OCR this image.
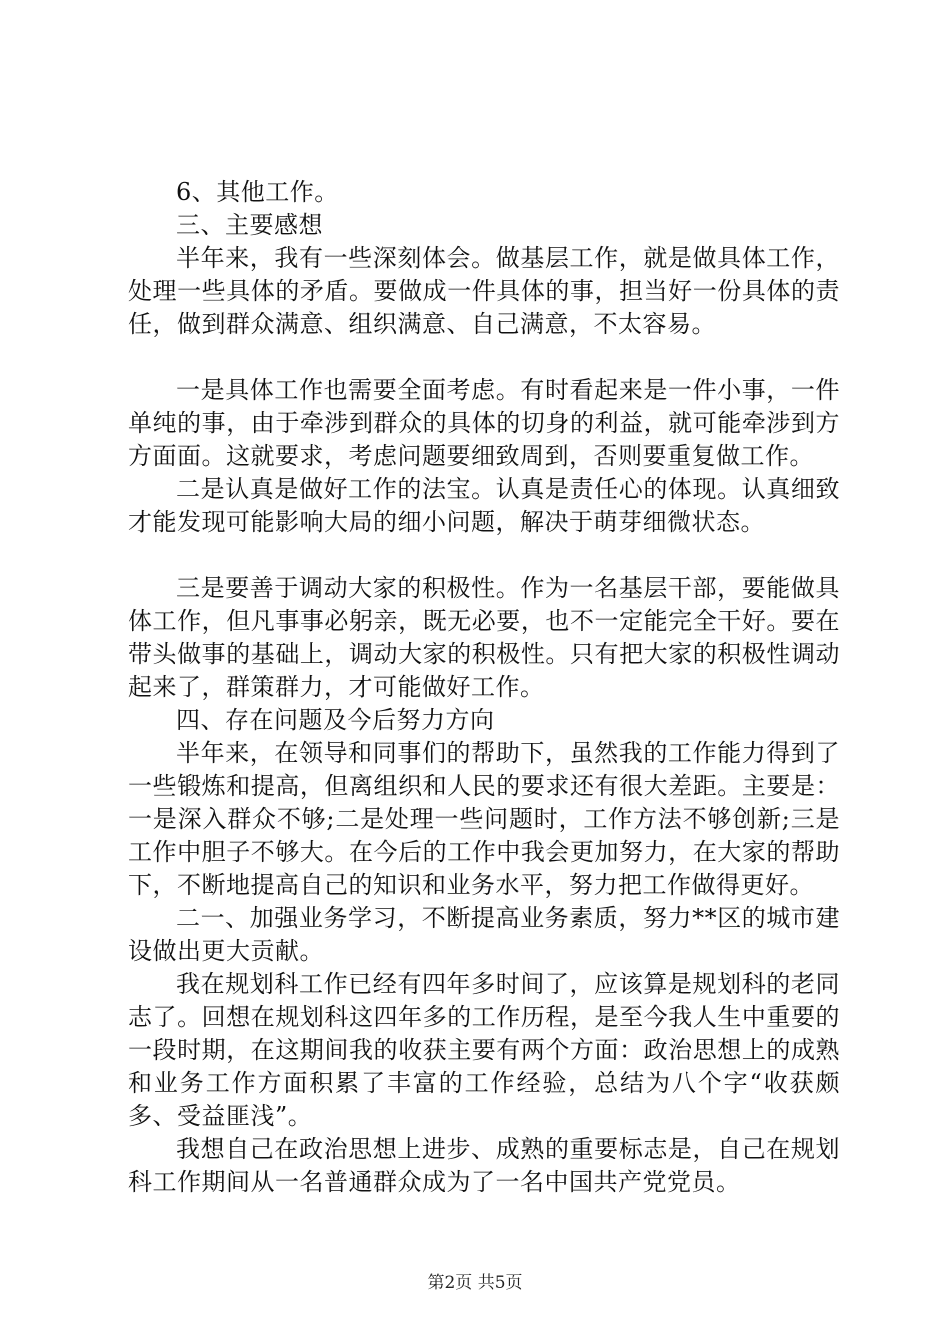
6、其他工作。

三、主要感想

半年来，我有一些深刻体会。做基层工作，就是做具体工作，处理一些具体的矛盾。要做成一件具体的事，担当好一份具体的责任，做到群众满意、组织满意、自己满意，不太容易。

一是具体工作也需要全面考虑。有时看起来是一件小事，一件单纯的事，由于牵涉到群众的具体的切身的利益，就可能牵涉到方方面面。这就要求，考虑问题要细致周到，否则要重复做工作。

二是认真是做好工作的法宝。认真是责任心的体现。认真细致才能发现可能影响大局的细小问题，解决于萌芽细微状态。

三是要善于调动大家的积极性。作为一名基层干部，要能做具体工作，但凡事事必躬亲，既无必要，也不一定能完全干好。要在带头做事的基础上，调动大家的积极性。只有把大家的积极性调动起来了，群策群力，才可能做好工作。

四、存在问题及今后努力方向

半年来，在领导和同事们的帮助下，虽然我的工作能力得到了一些锻炼和提高，但离组织和人民的要求还有很大差距。主要是：一是深入群众不够;二是处理一些问题时，工作方法不够创新;三是工作中胆子不够大。在今后的工作中我会更加努力，在大家的帮助下，不断地提高自己的知识和业务水平，努力把工作做得更好。

二一、加强业务学习，不断提高业务素质，努力**区的城市建设做出更大贡献。

我在规划科工作已经有四年多时间了，应该算是规划科的老同志了。回想在规划科这四年多的工作历程，是至今我人生中重要的一段时期，在这期间我的收获主要有两个方面：政治思想上的成熟和业务工作方面积累了丰富的工作经验，总结为八个字“收获颇多、受益匪浅”。

我想自己在政治思想上进步、成熟的重要标志是，自己在规划科工作期间从一名普通群众成为了一名中国共产党党员。

第2页 共5页
